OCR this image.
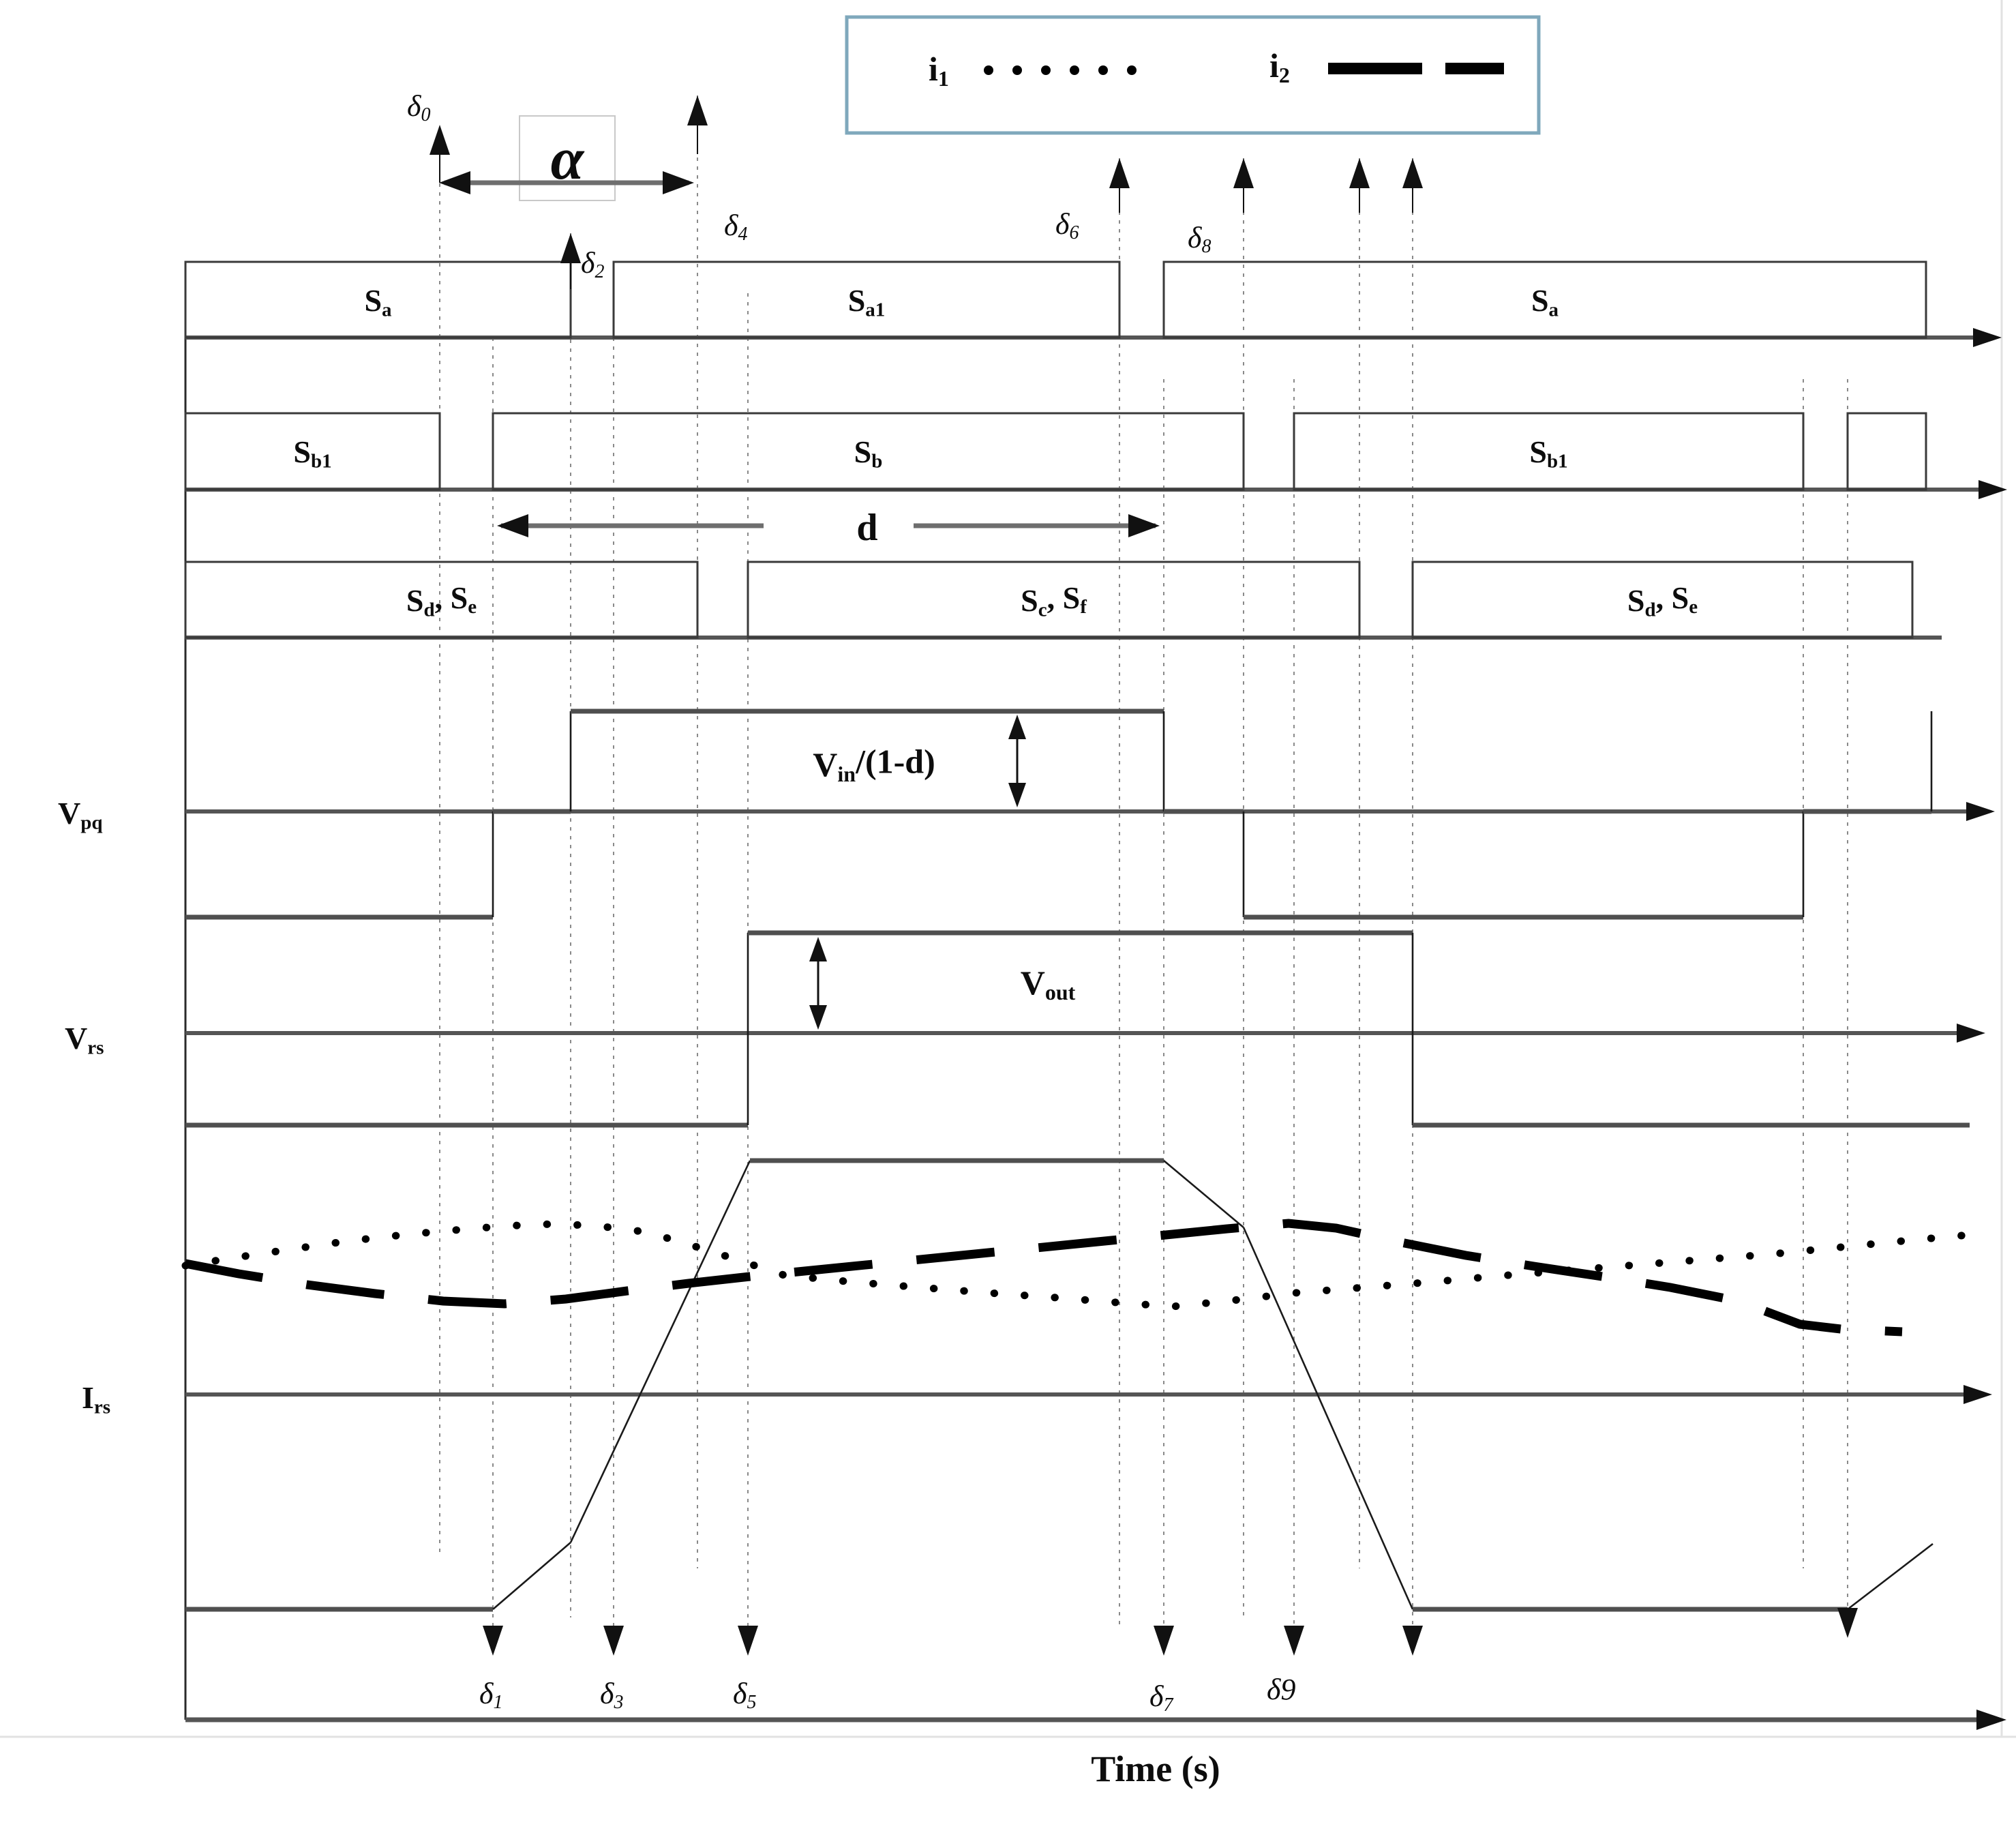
Sa	Sa1	Sa
Sb1	Sb	Sb1
Sd, Se	Sc, Sf	Sd, Se
δ0
δ1
δ2
δ3
δ4
δ5
δ6
δ7
δ8
δ9
α
d
Vin/(1-d)
Vout
Vpq
Vrs
Irs
Time (s)
i1	i2
